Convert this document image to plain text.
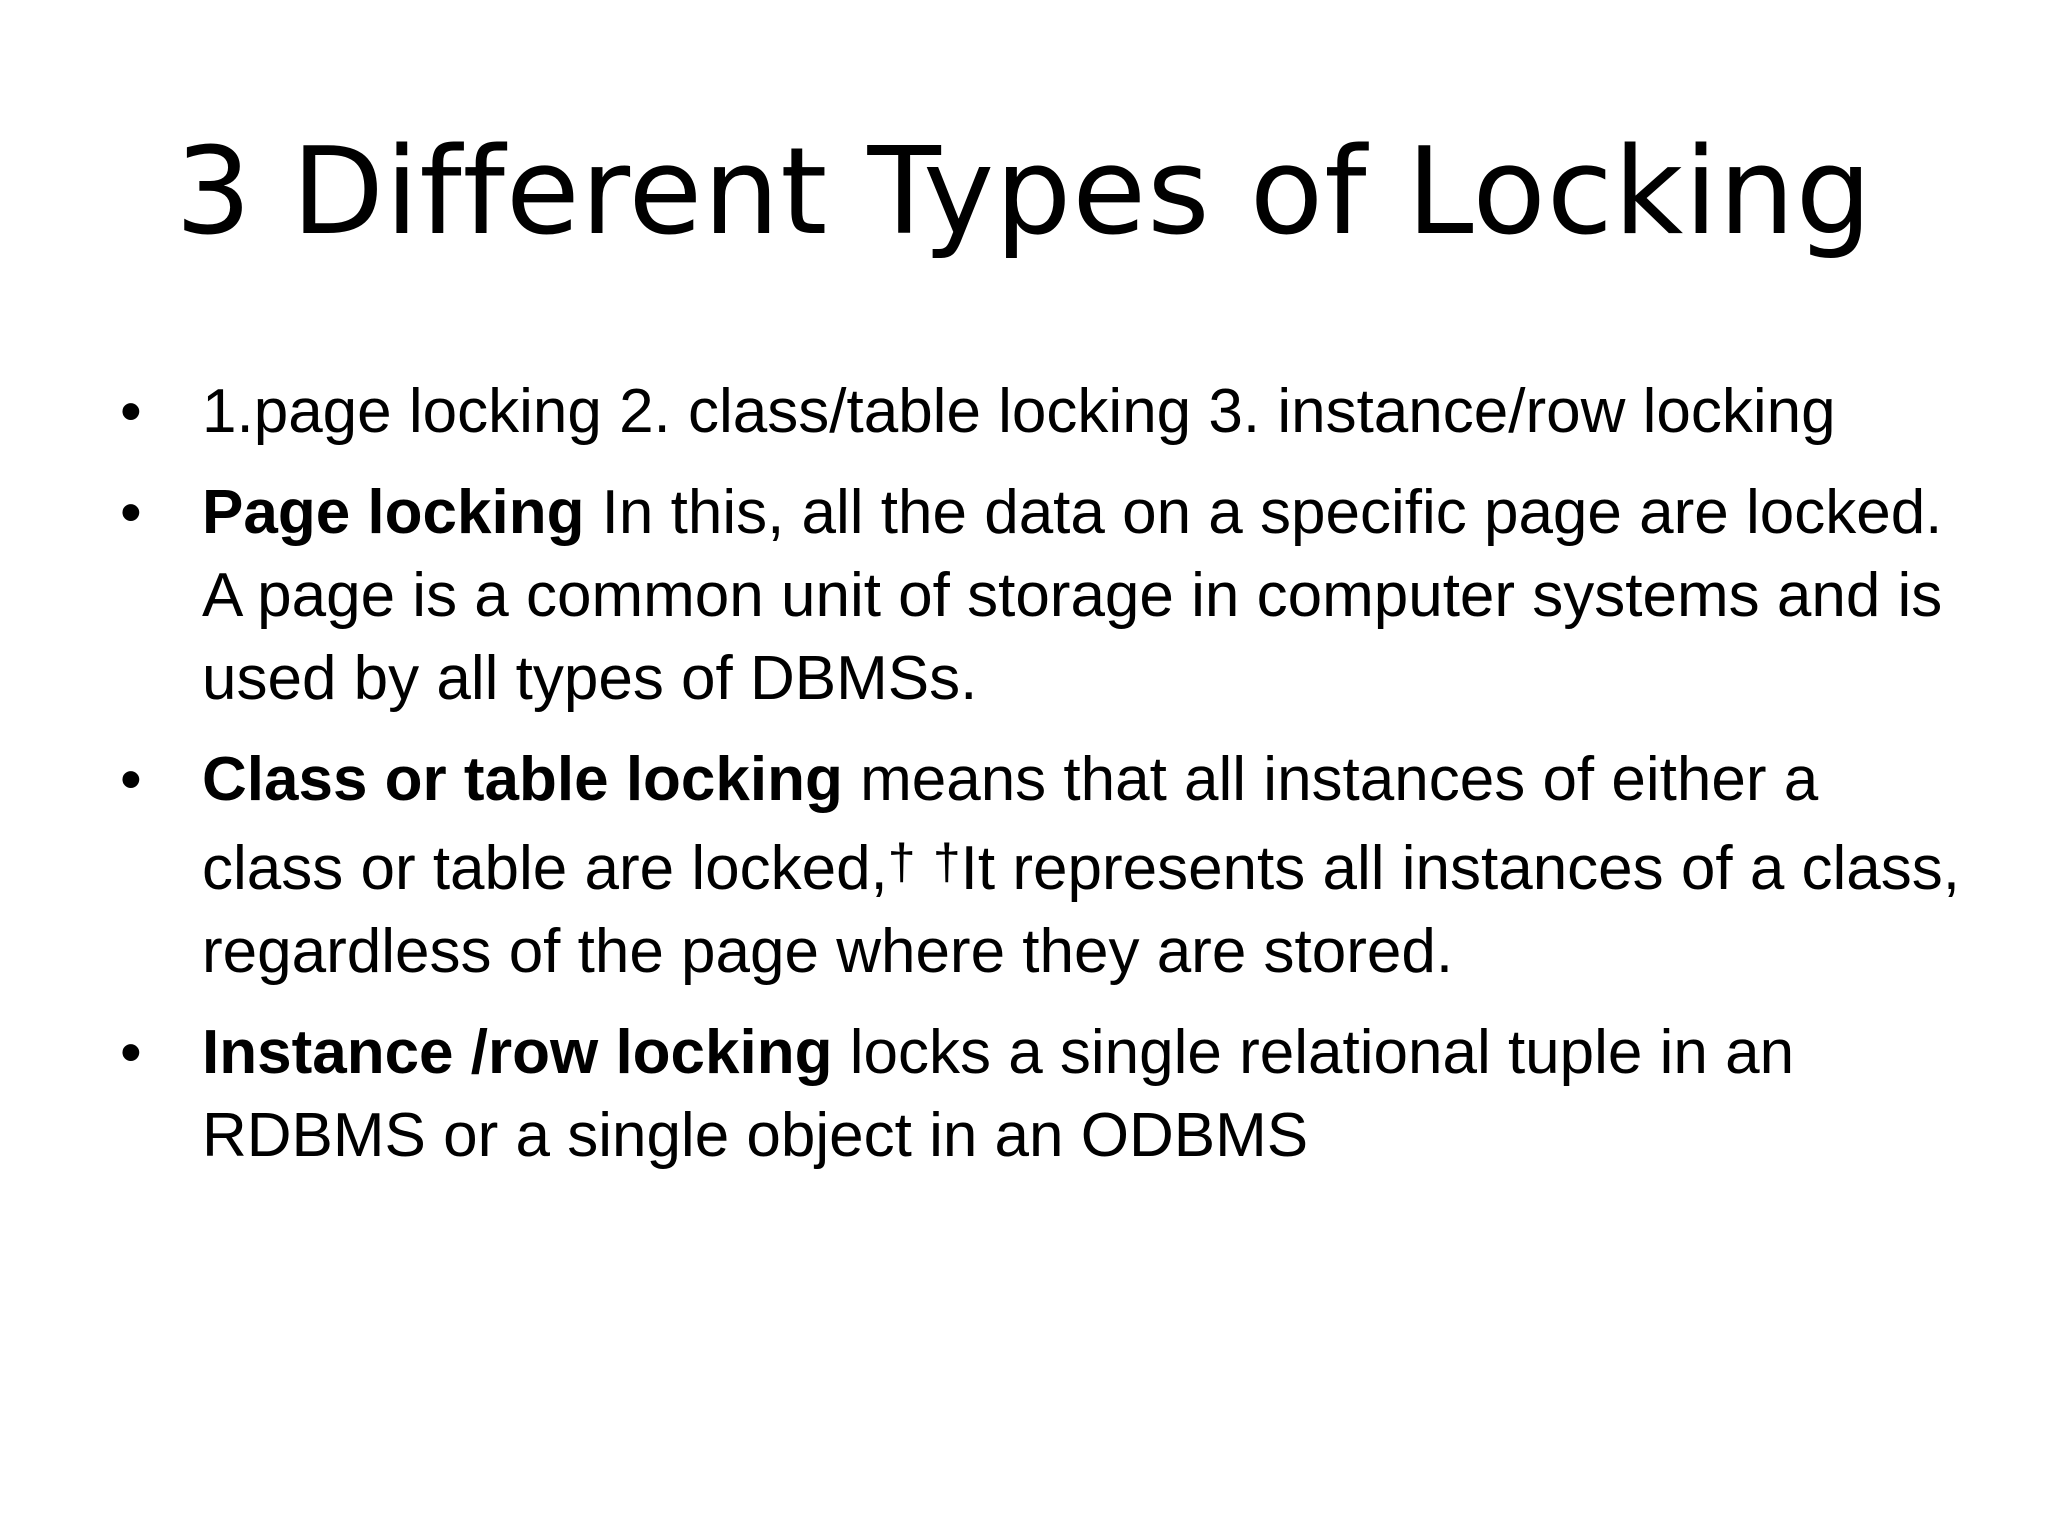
3 Different Types of Locking
• 1.page locking 2. class/table locking 3. instance/row locking
• Page locking In this, all the data on a specific page are locked. A page is a common unit of storage in computer systems and is used by all types of DBMSs.
• Class or table locking means that all instances of either a class or table are locked,† †It represents all instances of a class, regardless of the page where they are stored.
• Instance /row locking locks a single relational tuple in an RDBMS or a single object in an ODBMS
